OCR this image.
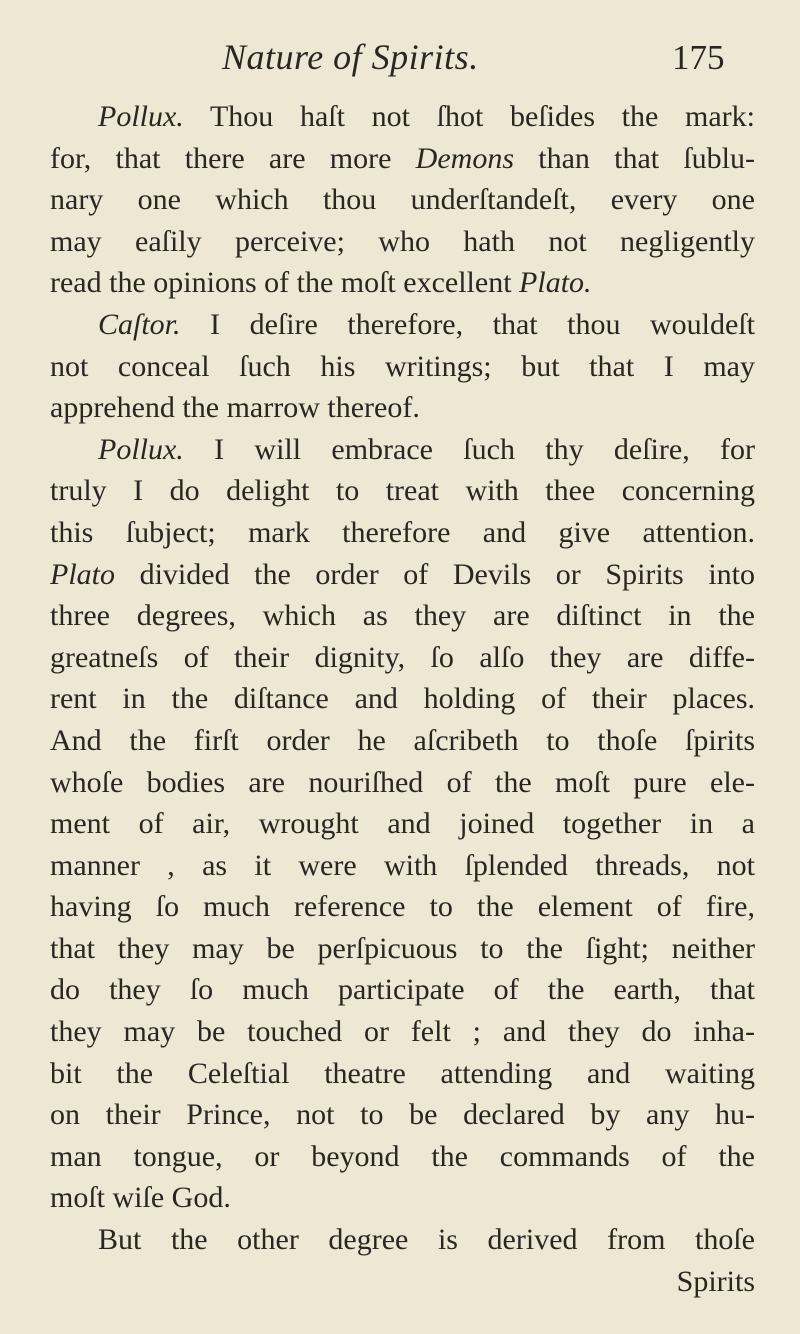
Nature of Spirits.	175
Pollux. Thou haſt not ſhot beſides the mark:
for, that there are more Demons than that ſublu-
nary one which thou underſtandeſt, every one
may eaſily perceive; who hath not negligently
read the opinions of the moſt excellent Plato.
Caſtor. I deſire therefore, that thou wouldeſt
not conceal ſuch his writings; but that I may
apprehend the marrow thereof.
Pollux. I will embrace ſuch thy deſire, for
truly I do delight to treat with thee concerning
this ſubject; mark therefore and give attention.
Plato divided the order of Devils or Spirits into
three degrees, which as they are diſtinct in the
greatneſs of their dignity, ſo alſo they are diffe-
rent in the diſtance and holding of their places.
And the firſt order he aſcribeth to thoſe ſpirits
whoſe bodies are nouriſhed of the moſt pure ele-
ment of air, wrought and joined together in a
manner , as it were with ſplended threads, not
having ſo much reference to the element of fire,
that they may be perſpicuous to the ſight; neither
do they ſo much participate of the earth, that
they may be touched or felt ; and they do inha-
bit the Celeſtial theatre attending and waiting
on their Prince, not to be declared by any hu-
man tongue, or beyond the commands of the
moſt wiſe God.
But the other degree is derived from thoſe
Spirits
